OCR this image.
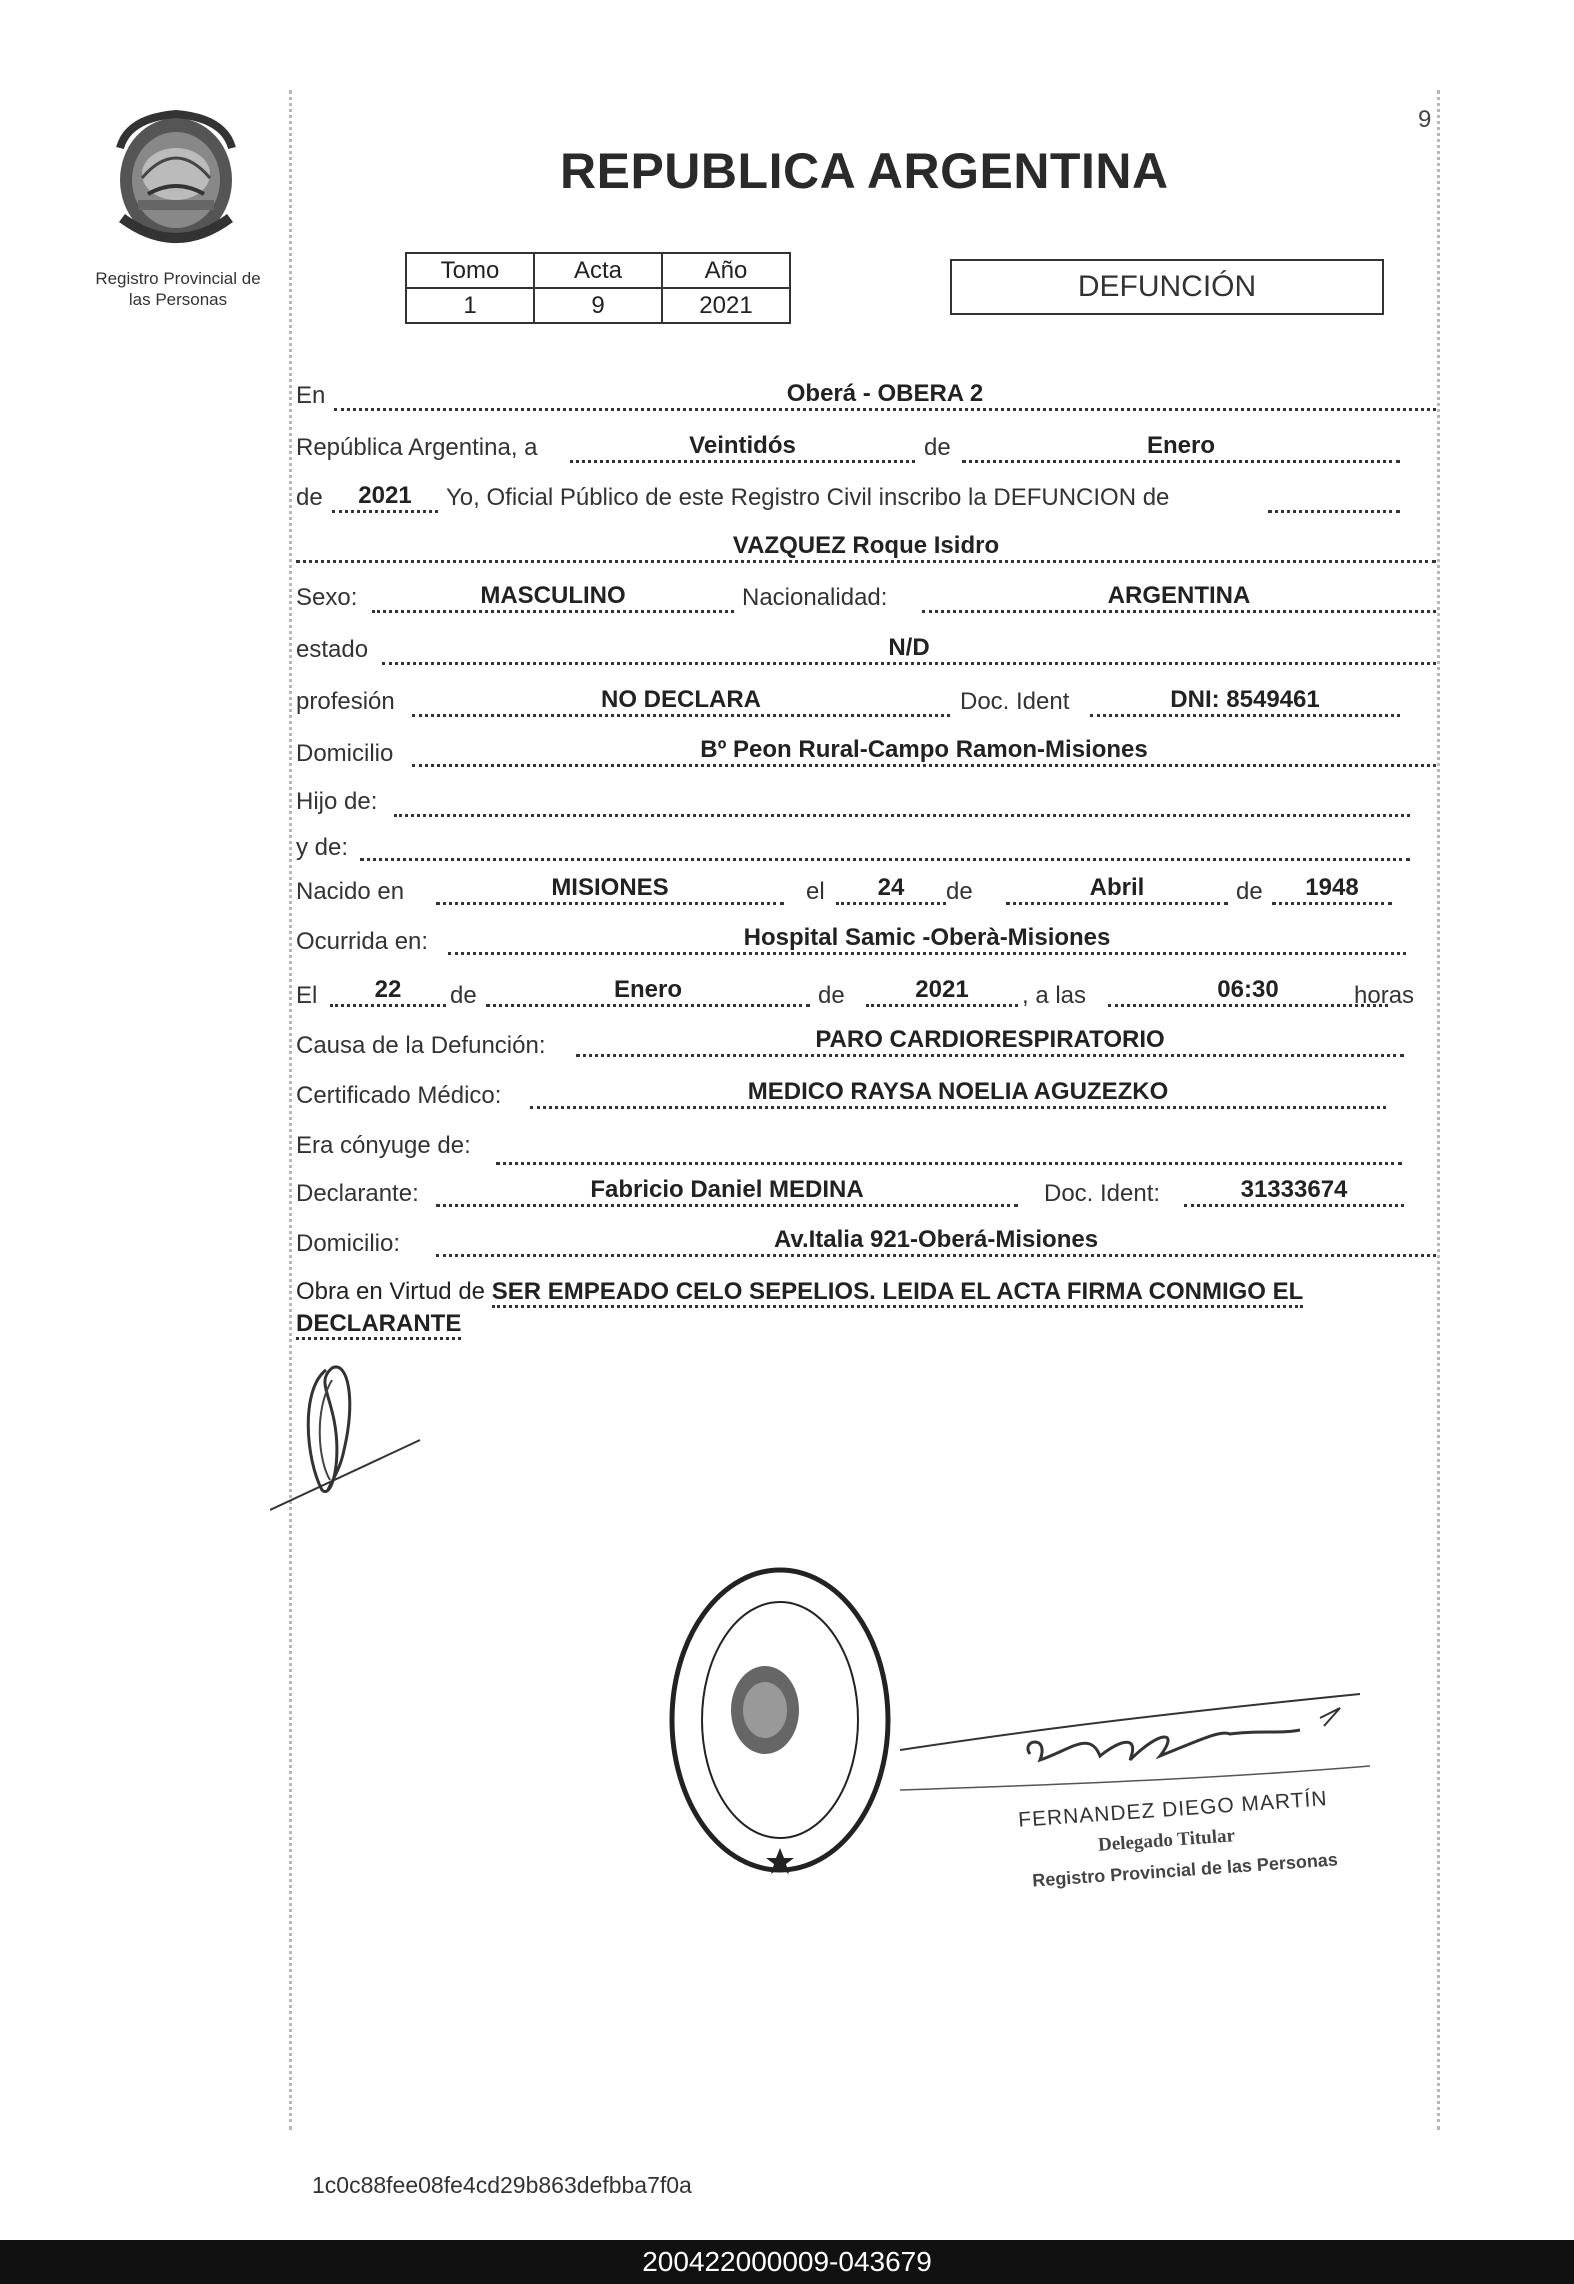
9
Registro Provincial de
las Personas
REPUBLICA ARGENTINA
Tomo	Acta	Año
1	9	2021
DEFUNCIÓN
En	Oberá - OBERA 2
República Argentina, a	Veintidós	de	Enero
de	2021	Yo, Oficial Público de este Registro Civil inscribo la DEFUNCION de
VAZQUEZ Roque Isidro
Sexo:	MASCULINO	Nacionalidad:	ARGENTINA
estado	N/D
profesión	NO DECLARA	Doc. Ident	DNI: 8549461
Domicilio	Bº Peon Rural-Campo Ramon-Misiones
Hijo de:
y de:
Nacido en	MISIONES	el	24	de	Abril	de	1948
Ocurrida en:	Hospital Samic -Oberà-Misiones
El	22	de	Enero	de	2021	, a las	06:30	horas
Causa de la Defunción:	PARO CARDIORESPIRATORIO
Certificado Médico:	MEDICO RAYSA NOELIA AGUZEZKO
Era cónyuge de:
Declarante:	Fabricio Daniel MEDINA	Doc. Ident:	31333674
Domicilio:	Av.Italia 921-Oberá-Misiones
Obra en Virtud de SER EMPEADO CELO SEPELIOS. LEIDA EL ACTA FIRMA CONMIGO EL
DECLARANTE
FERNANDEZ DIEGO MARTÍN
Delegado Titular
Registro Provincial de las Personas
1c0c88fee08fe4cd29b863defbba7f0a
200422000009-043679
